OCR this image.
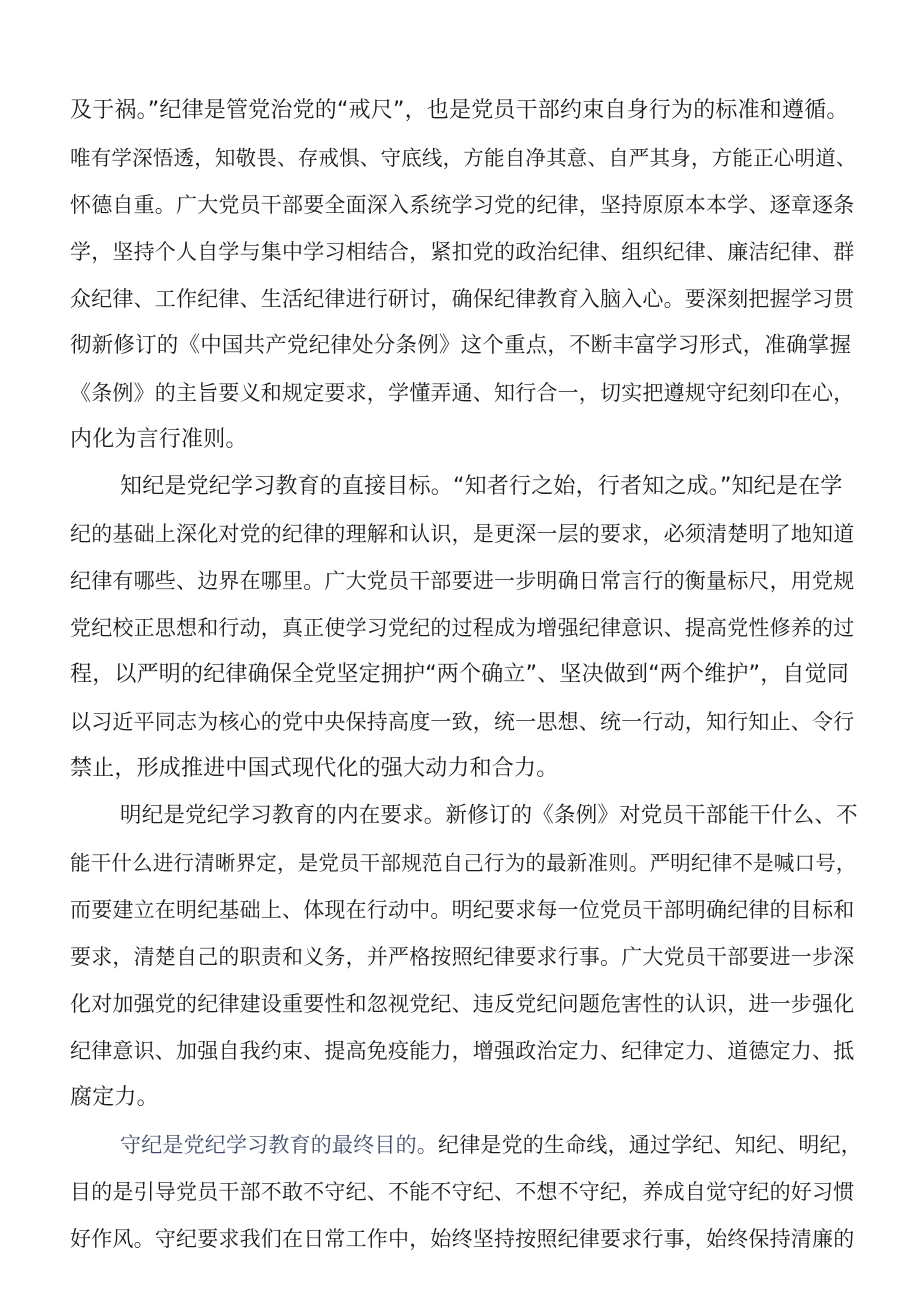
及于祸。”纪律是管党治党的“戒尺”，也是党员干部约束自身行为的标准和遵循。
唯有学深悟透，知敬畏、存戒惧、守底线，方能自净其意、自严其身，方能正心明道、
怀德自重。广大党员干部要全面深入系统学习党的纪律，坚持原原本本学、逐章逐条
学，坚持个人自学与集中学习相结合，紧扣党的政治纪律、组织纪律、廉洁纪律、群
众纪律、工作纪律、生活纪律进行研讨，确保纪律教育入脑入心。要深刻把握学习贯
彻新修订的《中国共产党纪律处分条例》这个重点，不断丰富学习形式，准确掌握
《条例》的主旨要义和规定要求，学懂弄通、知行合一，切实把遵规守纪刻印在心，
内化为言行准则。
知纪是党纪学习教育的直接目标。“知者行之始，行者知之成。”知纪是在学
纪的基础上深化对党的纪律的理解和认识，是更深一层的要求，必须清楚明了地知道
纪律有哪些、边界在哪里。广大党员干部要进一步明确日常言行的衡量标尺，用党规
党纪校正思想和行动，真正使学习党纪的过程成为增强纪律意识、提高党性修养的过
程，以严明的纪律确保全党坚定拥护“两个确立”、坚决做到“两个维护”，自觉同
以习近平同志为核心的党中央保持高度一致，统一思想、统一行动，知行知止、令行
禁止，形成推进中国式现代化的强大动力和合力。
明纪是党纪学习教育的内在要求。新修订的《条例》对党员干部能干什么、不
能干什么进行清晰界定，是党员干部规范自己行为的最新准则。严明纪律不是喊口号，
而要建立在明纪基础上、体现在行动中。明纪要求每一位党员干部明确纪律的目标和
要求，清楚自己的职责和义务，并严格按照纪律要求行事。广大党员干部要进一步深
化对加强党的纪律建设重要性和忽视党纪、违反党纪问题危害性的认识，进一步强化
纪律意识、加强自我约束、提高免疫能力，增强政治定力、纪律定力、道德定力、抵
腐定力。
守纪是党纪学习教育的最终目的。纪律是党的生命线，通过学纪、知纪、明纪，
目的是引导党员干部不敢不守纪、不能不守纪、不想不守纪，养成自觉守纪的好习惯
好作风。守纪要求我们在日常工作中，始终坚持按照纪律要求行事，始终保持清廉的
